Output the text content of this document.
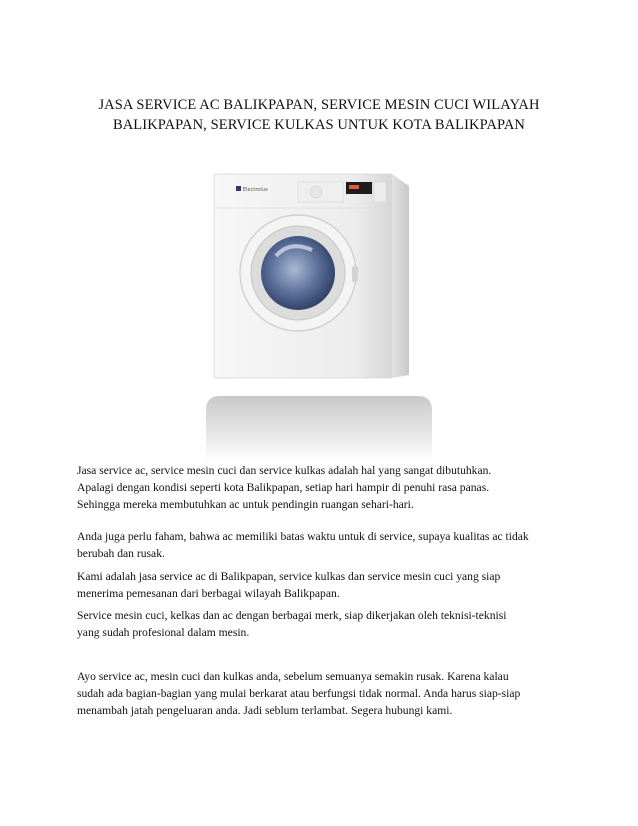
JASA SERVICE AC BALIKPAPAN, SERVICE MESIN CUCI WILAYAH
BALIKPAPAN, SERVICE KULKAS UNTUK KOTA BALIKPAPAN
Electrolux
Jasa service ac, service mesin cuci dan service kulkas adalah hal yang sangat dibutuhkan.
Apalagi dengan kondisi seperti kota Balikpapan, setiap hari hampir di penuhi rasa panas.
Sehingga mereka membutuhkan ac untuk pendingin ruangan sehari-hari.
Anda juga perlu faham, bahwa ac memiliki batas waktu untuk di service, supaya kualitas ac tidak
berubah dan rusak.
Kami adalah jasa service ac di Balikpapan, service kulkas dan service mesin cuci yang siap
menerima pemesanan dari berbagai wilayah Balikpapan.
Service mesin cuci, kelkas dan ac dengan berbagai merk, siap dikerjakan oleh teknisi-teknisi
yang sudah profesional dalam mesin.
Ayo service ac, mesin cuci dan kulkas anda, sebelum semuanya semakin rusak. Karena kalau
sudah ada bagian-bagian yang mulai berkarat atau berfungsi tidak normal. Anda harus siap-siap
menambah jatah pengeluaran anda. Jadi seblum terlambat. Segera hubungi kami.
